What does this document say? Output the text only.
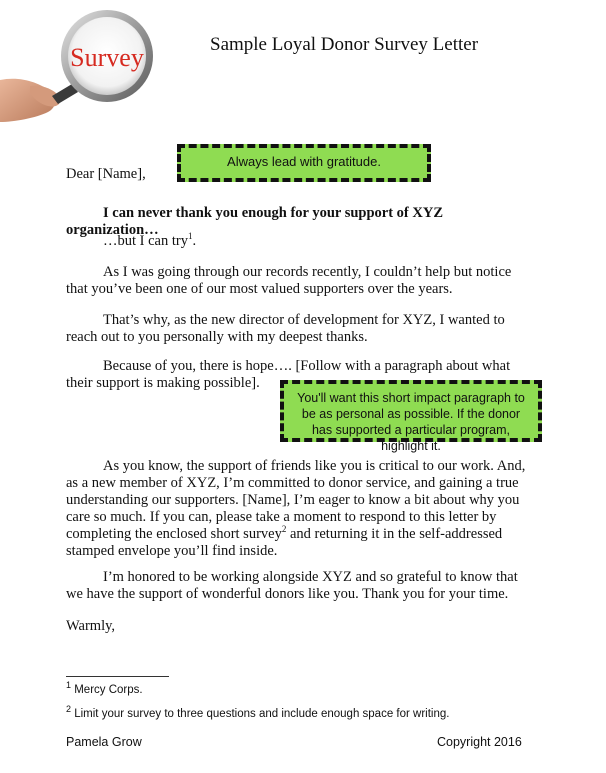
Survey	Sample Loyal Donor Survey Letter
Always lead with gratitude.
Dear [Name],
I can never thank you enough for your support of XYZ organization…
…but I can try$^1$.
As I was going through our records recently, I couldn’t help but notice that you’ve been one of our most valued supporters over the years.
That’s why, as the new director of development for XYZ, I wanted to reach out to you personally with my deepest thanks.
Because of you, there is hope…. [Follow with a paragraph about what their support is making possible].
You'll want this short impact paragraph to be as personal as possible. If the donor has supported a particular program, highlight it.
As you know, the support of friends like you is critical to our work. And, as a new member of XYZ, I’m committed to donor service, and gaining a true understanding our supporters. [Name], I’m eager to know a bit about why you care so much. If you can, please take a moment to respond to this letter by completing the enclosed short survey$^2$ and returning it in the self-addressed stamped envelope you’ll find inside.
I’m honored to be working alongside XYZ and so grateful to know that we have the support of wonderful donors like you. Thank you for your time.
Warmly,
$^1$ Mercy Corps.
$^2$ Limit your survey to three questions and include enough space for writing.
Pamela Grow	Copyright 2016
